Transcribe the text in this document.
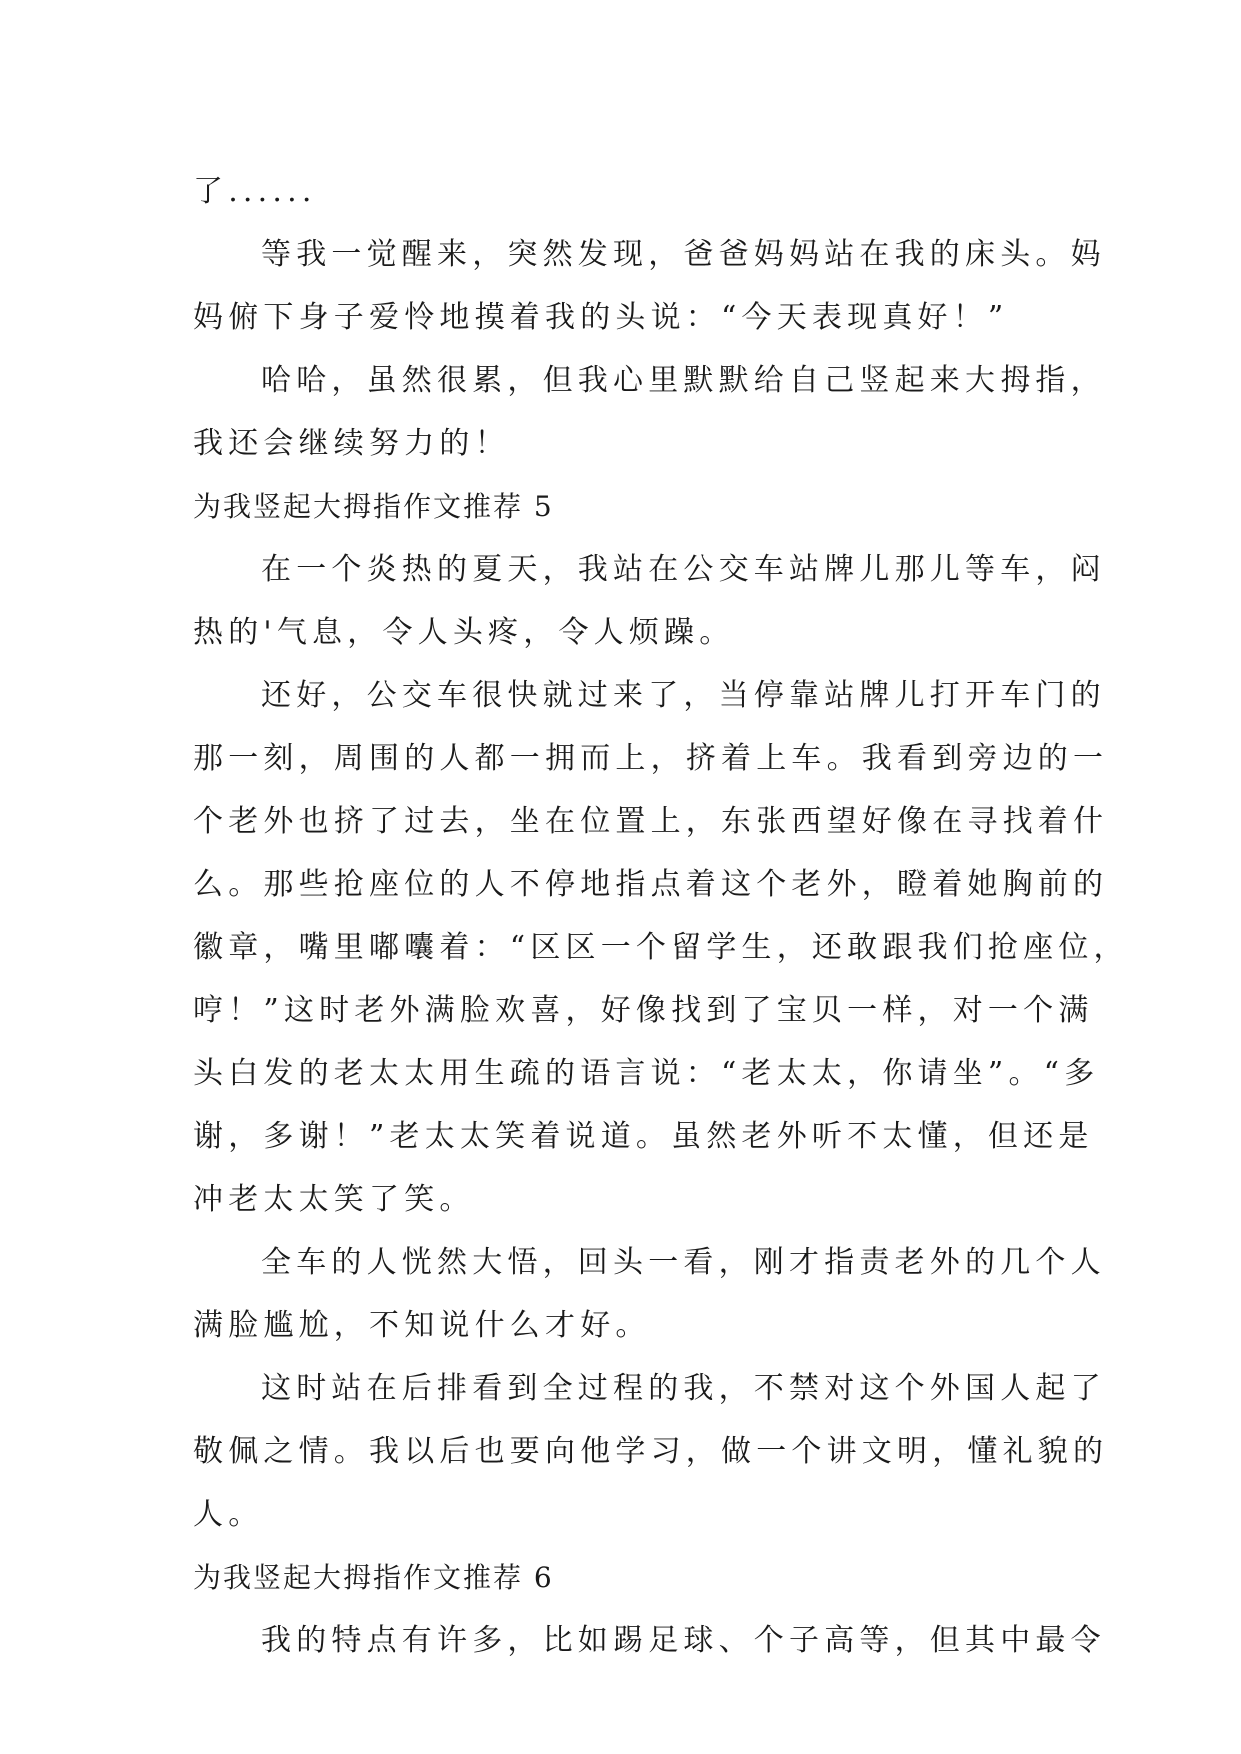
了......
等我一觉醒来，突然发现，爸爸妈妈站在我的床头。妈
妈俯下身子爱怜地摸着我的头说：“今天表现真好！”
哈哈，虽然很累，但我心里默默给自己竖起来大拇指，
我还会继续努力的！
为我竖起大拇指作文推荐 5
在一个炎热的夏天，我站在公交车站牌儿那儿等车，闷
热的'气息，令人头疼，令人烦躁。
还好，公交车很快就过来了，当停靠站牌儿打开车门的
那一刻，周围的人都一拥而上，挤着上车。我看到旁边的一
个老外也挤了过去，坐在位置上，东张西望好像在寻找着什
么。那些抢座位的人不停地指点着这个老外，瞪着她胸前的
徽章，嘴里嘟囔着：“区区一个留学生，还敢跟我们抢座位，
哼！”这时老外满脸欢喜，好像找到了宝贝一样，对一个满
头白发的老太太用生疏的语言说：“老太太，你请坐”。“多
谢，多谢！”老太太笑着说道。虽然老外听不太懂，但还是
冲老太太笑了笑。
全车的人恍然大悟，回头一看，刚才指责老外的几个人
满脸尴尬，不知说什么才好。
这时站在后排看到全过程的我，不禁对这个外国人起了
敬佩之情。我以后也要向他学习，做一个讲文明，懂礼貌的
人。
为我竖起大拇指作文推荐 6
我的特点有许多，比如踢足球、个子高等，但其中最令
